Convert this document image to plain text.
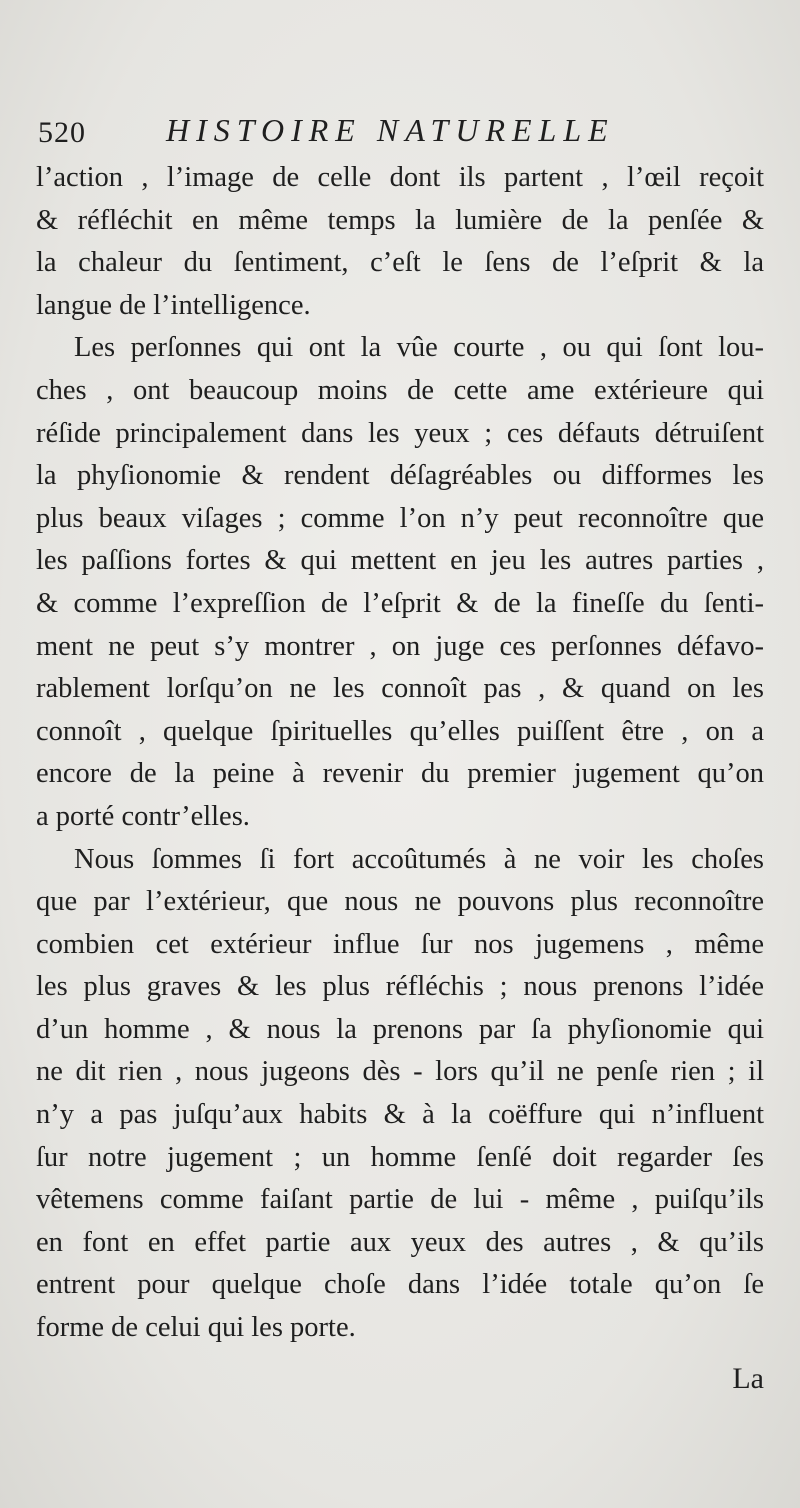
520	HISTOIRE NATURELLE
l’action , l’image de celle dont ils partent , l’œil reçoit
& réfléchit en même temps la lumière de la penſée &
la chaleur du ſentiment, c’eſt le ſens de l’eſprit & la
langue de l’intelligence.
Les perſonnes qui ont la vûe courte , ou qui ſont lou-
ches , ont beaucoup moins de cette ame extérieure qui
réſide principalement dans les yeux ; ces défauts détruiſent
la phyſionomie & rendent déſagréables ou difformes les
plus beaux viſages ; comme l’on n’y peut reconnoître que
les paſſions fortes & qui mettent en jeu les autres parties ,
& comme l’expreſſion de l’eſprit & de la fineſſe du ſenti-
ment ne peut s’y montrer , on juge ces perſonnes défavo-
rablement lorſqu’on ne les connoît pas , & quand on les
connoît , quelque ſpirituelles qu’elles puiſſent être , on a
encore de la peine à revenir du premier jugement qu’on
a porté contr’elles.
Nous ſommes ſi fort accoûtumés à ne voir les choſes
que par l’extérieur, que nous ne pouvons plus reconnoître
combien cet extérieur influe ſur nos jugemens , même
les plus graves & les plus réfléchis ; nous prenons l’idée
d’un homme , & nous la prenons par ſa phyſionomie qui
ne dit rien , nous jugeons dès - lors qu’il ne penſe rien ; il
n’y a pas juſqu’aux habits & à la coëffure qui n’influent
ſur notre jugement ; un homme ſenſé doit regarder ſes
vêtemens comme faiſant partie de lui - même , puiſqu’ils
en font en effet partie aux yeux des autres , & qu’ils
entrent pour quelque choſe dans l’idée totale qu’on ſe
forme de celui qui les porte.
La
